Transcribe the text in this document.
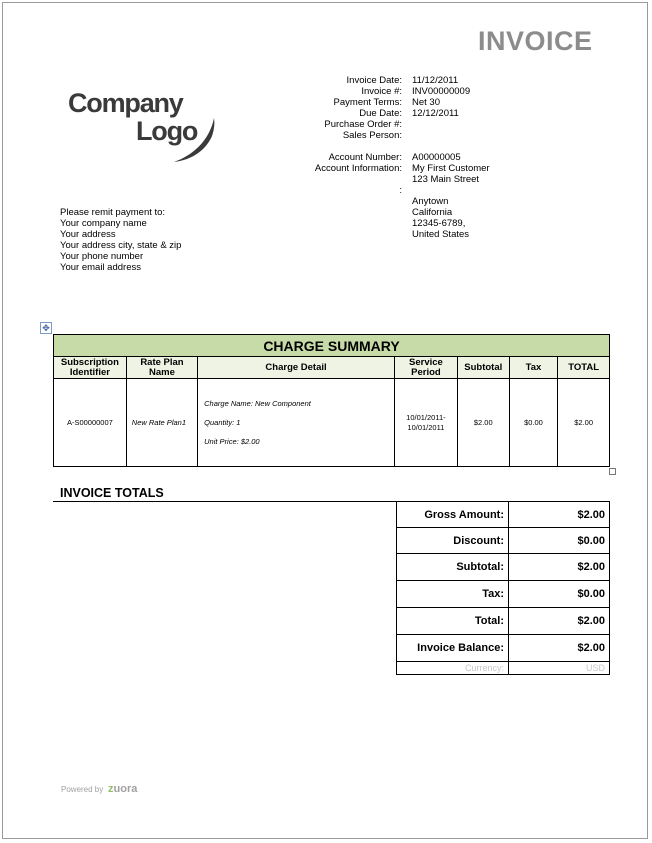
INVOICE
Company
Logo
Invoice Date: 11/12/2011
Invoice #: INV00000009
Payment Terms: Net 30
Due Date: 12/12/2011
Purchase Order #:
Sales Person:
Account Number: A00000005
Account Information: My First Customer
123 Main Street
:
Anytown
California
12345-6789,
United States
Please remit payment to:
Your company name
Your address
Your address city, state & zip
Your phone number
Your email address
✥
CHARGE SUMMARY						
Subscription Identifier	Rate Plan Name	Charge Detail	Service Period	Subtotal	Tax	TOTAL
A-S00000007	New Rate Plan1	Charge Name: New Component
Quantity: 1
Unit Price: $2.00	10/01/2011-10/01/2011	$2.00	$0.00	$2.00
INVOICE TOTALS
Gross Amount:	$2.00
Discount:	$0.00
Subtotal:	$2.00
Tax:	$0.00
Total:	$2.00
Invoice Balance:	$2.00
Currency:	USD
Powered by zuora
